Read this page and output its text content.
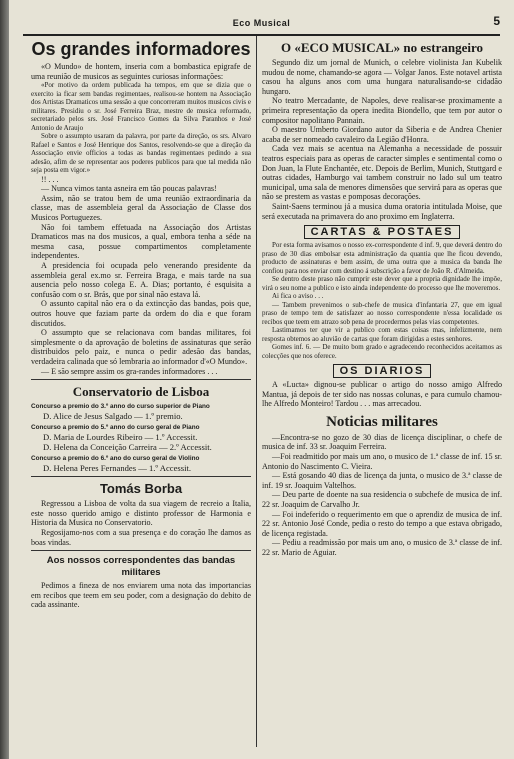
Eco Musical	5
Os grandes informadores

«O Mundo» de hontem, inseria com a bombastica epigrafe de uma reunião de musicos as seguintes curiosas informações:

«Por motivo da ordem publicada ha tempos, em que se dizia que o exercito ia ficar sem bandas regimentaes, realisou-se hontem na Associação dos Artistas Dramaticos uma sessão a que concorreram muitos musicos civis e militares. Presidiu o sr. José Ferreira Braz, mestre de musica reformado, secretariado pelos srs. José Francisco Gomes da Silva Paranhos e José Antonio de Araujo

Sobre o assumpto usaram da palavra, por parte da direção, os srs. Alvaro Rafael e Santos e José Henrique dos Santos, resolvendo-se que a direção da Associação envie officios a todas as bandas regimentaes pedindo a sua adesão, afim de se representar aos poderes publicos para que tal medida não seja posta em vigor.»

!! . . .

— Nunca vimos tanta asneira em tão poucas palavras!

Assim, não se tratou bem de uma reunião extraordinaria da classe, mas de assembleia geral da Associação de Classe dos Musicos Portuguezes.

Não foi tambem effetuada na Associação dos Artistas Dramaticos mas na dos musicos, a qual, embora tenha a séde na mesma casa, possue compartimentos completamente independentes.

A presidencia foi ocupada pelo venerando presidente da assembleia geral ex.mo sr. Ferreira Braga, e mais tarde na sua ausencia pelo nosso colega E. A. Dias; portanto, é esquisita a confusão com o sr. Brás, que por sinal não estava lá.

O assunto capital não era o da extincção das bandas, pois que, outros houve que faziam parte da ordem do dia e que foram discutidos.

O assumpto que se relacionava com bandas militares, foi simplesmente o da aprovação de boletins de assinaturas que serão distribuidos pelo paiz, e nunca o pedir adesão das bandas, verdadeira calinada que só lembraria ao informador d'«O Mundo».

— E são sempre assim os gra-randes informadores . . .

Conservatorio de Lisboa
Concurso a premio do 3.º anno do curso superior de Piano
D. Alice de Jesus Salgado — 1.º premio.
Concurso a premio do 5.º anno do curso geral de Piano
D. Maria de Lourdes Ribeiro — 1.º Accessit.
D. Helena da Conceição Carreira — 2.º Accessit.
Concurso a premio do 6.º ano do curso geral de Violino
D. Helena Peres Fernandes — 1.º Accessit.
Tomás Borba

Regressou a Lisboa de volta da sua viagem de recreio a Italia, este nosso querido amigo e distinto professor de Harmonia e Historia da Musica no Conservatorio.

Regosijamo-nos com a sua presença e do coração lhe damos as boas vindas.

Aos nossos correspondentes das bandas militares

Pedimos a fineza de nos enviarem uma nota das importancias em recibos que teem em seu poder, com a designação do debito de cada assinante.

O «ECO MUSICAL» no estrangeiro

Segundo diz um jornal de Munich, o celebre violinista Jan Kubelik mudou de nome, chamando-se agora — Volgar Janos. Este notavel artista casou ha alguns anos com uma hungara naturalisando-se cidadão hungaro.

No teatro Mercadante, de Napoles, deve realisar-se proximamente a primeira representação da opera inedita Biondello, que tem por autor o compositor napolitano Pannain.

O maestro Umberto Giordano autor da Siberia e de Andrea Chenier acaba de ser nomeado cavaleiro da Legião d'Honra.

Cada vez mais se acentua na Alemanha a necessidade de possuir teatros especiais para as operas de caracter simples e sentimental como o Don Juan, la Flute Enchantée, etc. Depois de Berlim, Munich, Stuttgard e outras cidades, Hamburgo vai tambem construir no lado sul um teatro municipal, uma sala de menores dimensões que servirá para as operas que não se prestem as vastas e pomposas decorações.

Saint-Saens terminou já a musica duma oratoria intitulada Moise, que será executada na primavera do ano proximo em Inglaterra.

CARTAS & POSTAES

Por esta forma avisamos o nosso ex-correspondente d inf. 9, que deverá dentro do praso de 30 dias embolsar esta administração da quantia que lhe ficou devendo, producto de assinaturas e bem assim, de uma outra que a musica da banda lhe confiou para nos enviar com destino á subscrição a favor de João R. d'Almeida.

Se dentro deste praso não cumprir este dever que a propria dignidade lhe impõe, virá o seu nome a publico e isto ainda independente do processo que lhe moveremos.

Ai fica o aviso . . .

— Tambem prevenimos o sub-chefe de musica d'infantaria 27, que em igual praso de tempo tem de satisfazer ao nosso correspondente n'essa localidade os recibos que teem em atrazo sob pena de procedermos pelas vias competentes.

Lastimamos ter que vir a publico com estas coisas mas, infelizmente, nem resposta obtemos ao aluvião de cartas que foram dirigidas a estes senhores.

Gomes inf. 6. — De muito bom grado e agradecendo reconhecidos aceitamos as colecções que nos oferece.

OS DIARIOS

A «Lucta» dignou-se publicar o artigo do nosso amigo Alfredo Mantua, já depois de ter sido nas nossas colunas, e para cumulo chamou-lhe Alfredo Monteiro! Tardou . . . mas arrecadou.

Noticias militares

—Encontra-se no gozo de 30 dias de licença disciplinar, o chefe de musica de inf. 33 sr. Joaquim Ferreira.

—Foi readmitido por mais um ano, o musico de 1.ª classe de inf. 15 sr. Antonio do Nascimento C. Vieira.

— Está gosando 40 dias de licença da junta, o musico de 3.ª classe de inf. 19 sr. Joaquim Valtelhos.

— Deu parte de doente na sua residencia o subchefe de musica de inf. 22 sr. Joaquim de Carvalho Jr.

— Foi indeferido o requerimento em que o aprendiz de musica de inf. 22 sr. Antonio José Conde, pedia o resto do tempo a que estava obrigado, de licença registada.

— Pediu a readmissão por mais um ano, o musico de 3.ª classe de inf. 22 sr. Mario de Aguiar.
